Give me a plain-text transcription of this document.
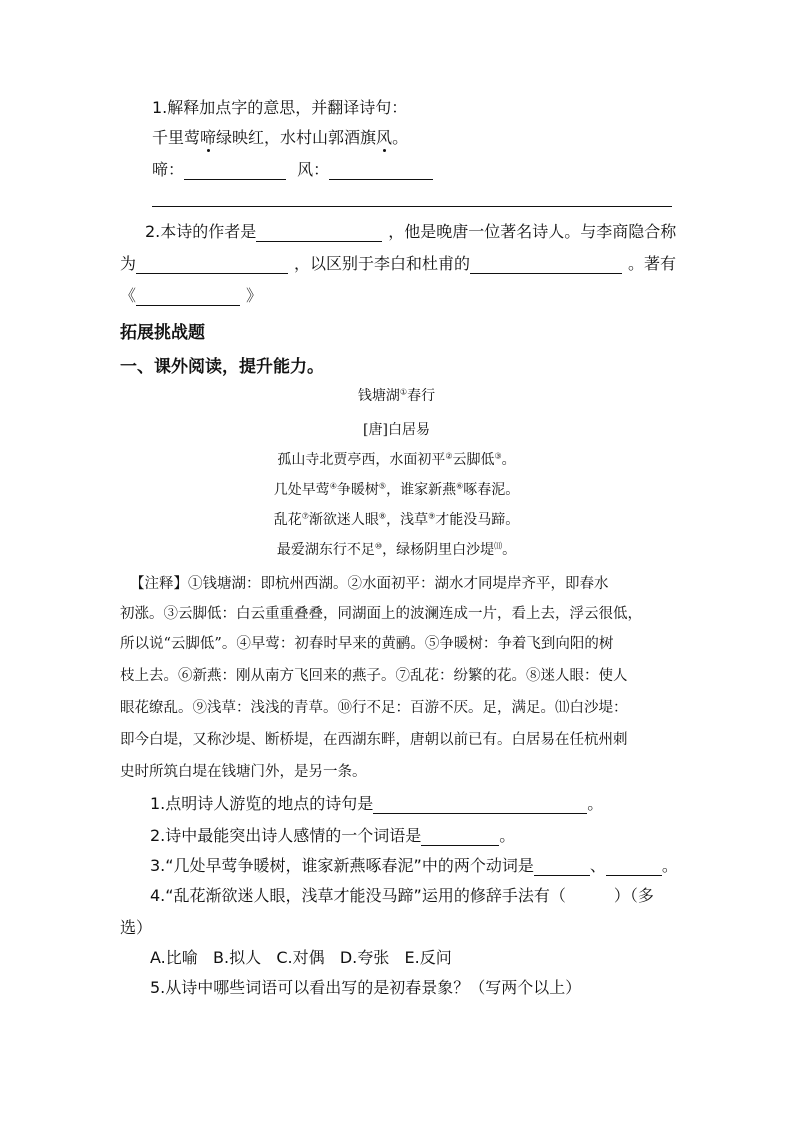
1.解释加点字的意思，并翻译诗句：
千里莺啼绿映红，水村山郭酒旗风。
啼：	风：
2.本诗的作者是	，他是晚唐一位著名诗人。与李商隐合称
为	，以区别于李白和杜甫的	。著有
《	》
拓展挑战题
一、课外阅读，提升能力。
钱塘湖①春行
[唐]白居易
孤山寺北贾亭西，水面初平②云脚低③。
几处早莺④争暖树⑤，谁家新燕⑥啄春泥。
乱花⑦渐欲迷人眼⑧，浅草⑨才能没马蹄。
最爱湖东行不足⑩，绿杨阴里白沙堤⑾。
【注释】①钱塘湖：即杭州西湖。②水面初平：湖水才同堤岸齐平，即春水
初涨。③云脚低：白云重重叠叠，同湖面上的波澜连成一片，看上去，浮云很低，
所以说“云脚低”。④早莺：初春时早来的黄鹂。⑤争暖树：争着飞到向阳的树
枝上去。⑥新燕：刚从南方飞回来的燕子。⑦乱花：纷繁的花。⑧迷人眼：使人
眼花缭乱。⑨浅草：浅浅的青草。⑩行不足：百游不厌。足，满足。⑾白沙堤：
即今白堤，又称沙堤、断桥堤，在西湖东畔，唐朝以前已有。白居易在任杭州刺
史时所筑白堤在钱塘门外，是另一条。
1.点明诗人游览的地点的诗句是	。
2.诗中最能突出诗人感情的一个词语是	。
3.“几处早莺争暖树，谁家新燕啄春泥”中的两个动词是	、	。
4.“乱花渐欲迷人眼，浅草才能没马蹄”运用的修辞手法有（	）（多
选）
A.比喻   B.拟人   C.对偶   D.夸张   E.反问
5.从诗中哪些词语可以看出写的是初春景象？（写两个以上）
